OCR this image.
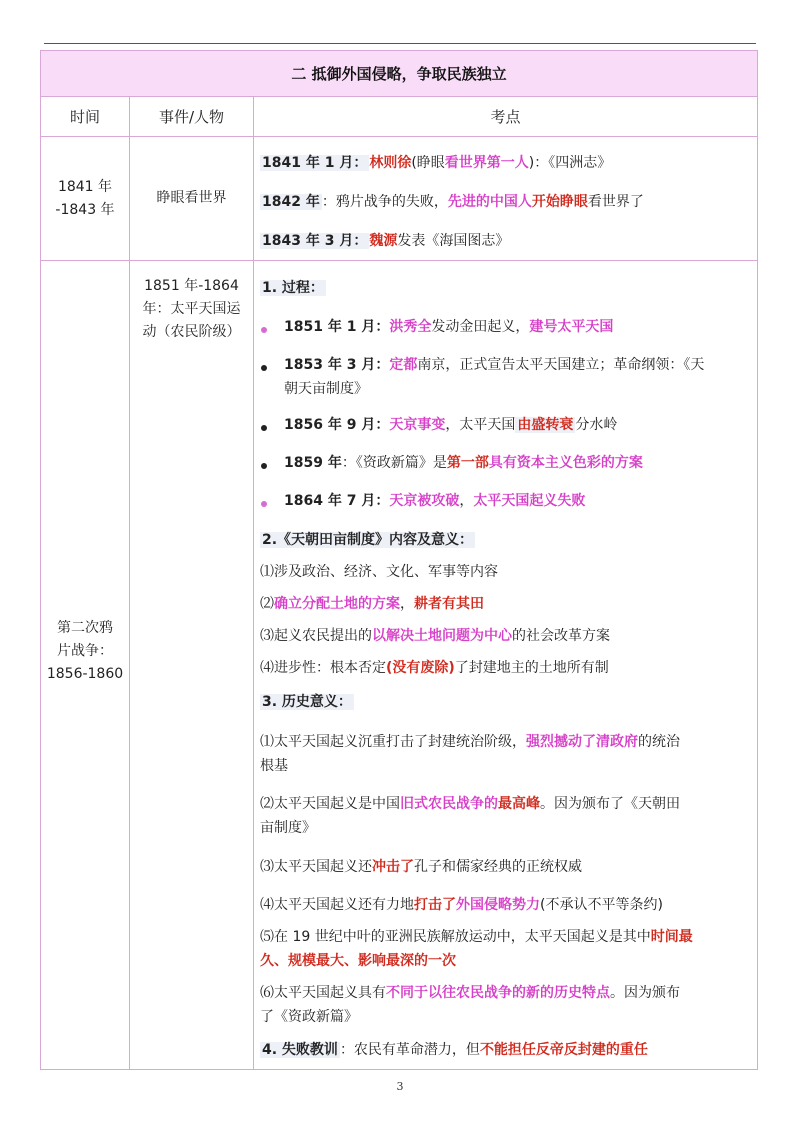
二 抵御外国侵略，争取民族独立
时间	事件/人物	考点
1841 年
-1843 年
睁眼看世界
1841 年 1 月： 林则徐(睁眼看世界第一人)：《四洲志》
1842 年 ：鸦片战争的失败，先进的中国人开始睁眼看世界了
1843 年 3 月： 魏源发表《海国图志》
第二次鸦
片战争：
1856-1860
1851 年-1864
年：太平天国运
动（农民阶级）
1. 过程：
1851 年 1 月：洪秀全发动金田起义，建号太平天国
1853 年 3 月：定都南京，正式宣告太平天国建立；革命纲领：《天
朝天亩制度》
1856 年 9 月：天京事变，太平天国 由盛转衰 分水岭
1859 年：《资政新篇》是第一部具有资本主义色彩的方案
1864 年 7 月：天京被攻破，太平天国起义失败
2.《天朝田亩制度》内容及意义：
⑴涉及政治、经济、文化、军事等内容
⑵确立分配土地的方案，耕者有其田
⑶起义农民提出的以解决土地问题为中心的社会改革方案
⑷进步性：根本否定(没有废除)了封建地主的土地所有制
3. 历史意义：
⑴太平天国起义沉重打击了封建统治阶级，强烈撼动了清政府的统治
根基
⑵太平天国起义是中国旧式农民战争的最高峰。因为颁布了《天朝田
亩制度》
⑶太平天国起义还冲击了孔子和儒家经典的正统权威
⑷太平天国起义还有力地打击了外国侵略势力(不承认不平等条约)
⑸在 19 世纪中叶的亚洲民族解放运动中，太平天国起义是其中时间最
久、规模最大、影响最深的一次
⑹太平天国起义具有不同于以往农民战争的新的历史特点。因为颁布
了《资政新篇》
4. 失败教训 ：农民有革命潜力，但不能担任反帝反封建的重任
3
